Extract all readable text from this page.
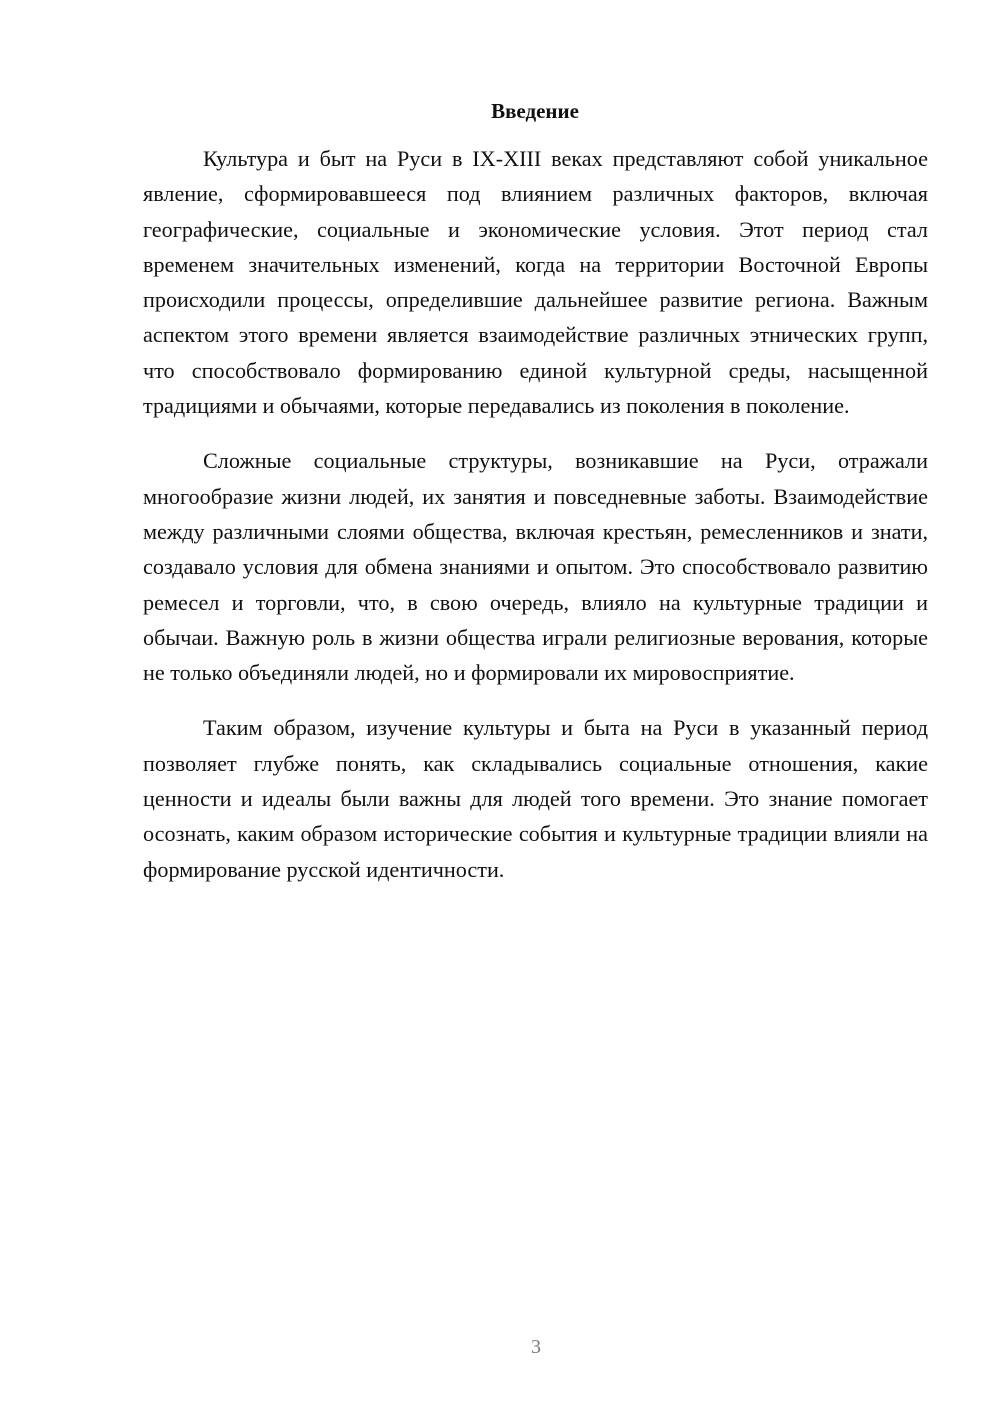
Введение

Культура и быт на Руси в IX-XIII веках представляют собой уникальное явление, сформировавшееся под влиянием различных факторов, включая географические, социальные и экономические условия. Этот период стал временем значительных изменений, когда на территории Восточной Европы происходили процессы, определившие дальнейшее развитие региона. Важным аспектом этого времени является взаимодействие различных этнических групп, что способствовало формированию единой культурной среды, насыщенной традициями и обычаями, которые передавались из поколения в поколение.

Сложные социальные структуры, возникавшие на Руси, отражали многообразие жизни людей, их занятия и повседневные заботы. Взаимодействие между различными слоями общества, включая крестьян, ремесленников и знати, создавало условия для обмена знаниями и опытом. Это способствовало развитию ремесел и торговли, что, в свою очередь, влияло на культурные традиции и обычаи. Важную роль в жизни общества играли религиозные верования, которые не только объединяли людей, но и формировали их мировосприятие.

Таким образом, изучение культуры и быта на Руси в указанный период позволяет глубже понять, как складывались социальные отношения, какие ценности и идеалы были важны для людей того времени. Это знание помогает осознать, каким образом исторические события и культурные традиции влияли на формирование русской идентичности.

3
